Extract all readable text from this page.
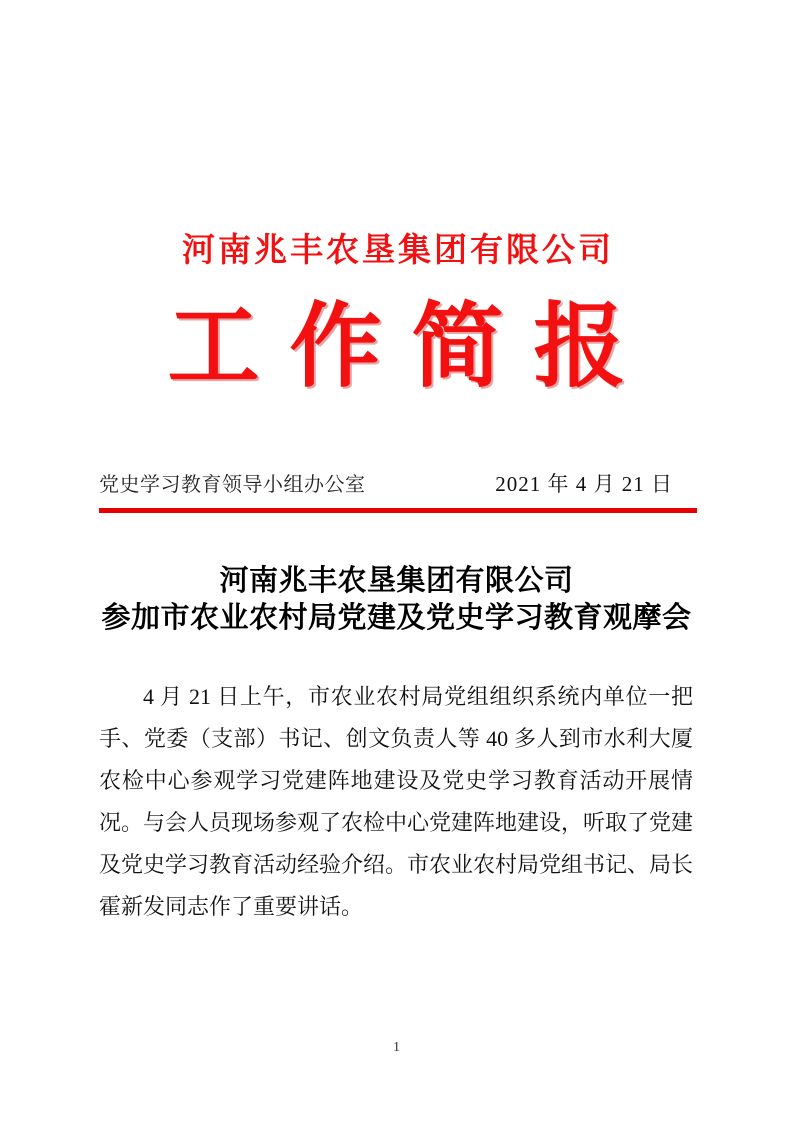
河南兆丰农垦集团有限公司
工作简报
党史学习教育领导小组办公室	2021 年 4 月 21 日
河南兆丰农垦集团有限公司
参加市农业农村局党建及党史学习教育观摩会

4 月 21 日上午，市农业农村局党组组织系统内单位一把手、党委（支部）书记、创文负责人等 40 多人到市水利大厦农检中心参观学习党建阵地建设及党史学习教育活动开展情况。与会人员现场参观了农检中心党建阵地建设，听取了党建及党史学习教育活动经验介绍。市农业农村局党组书记、局长霍新发同志作了重要讲话。

1
